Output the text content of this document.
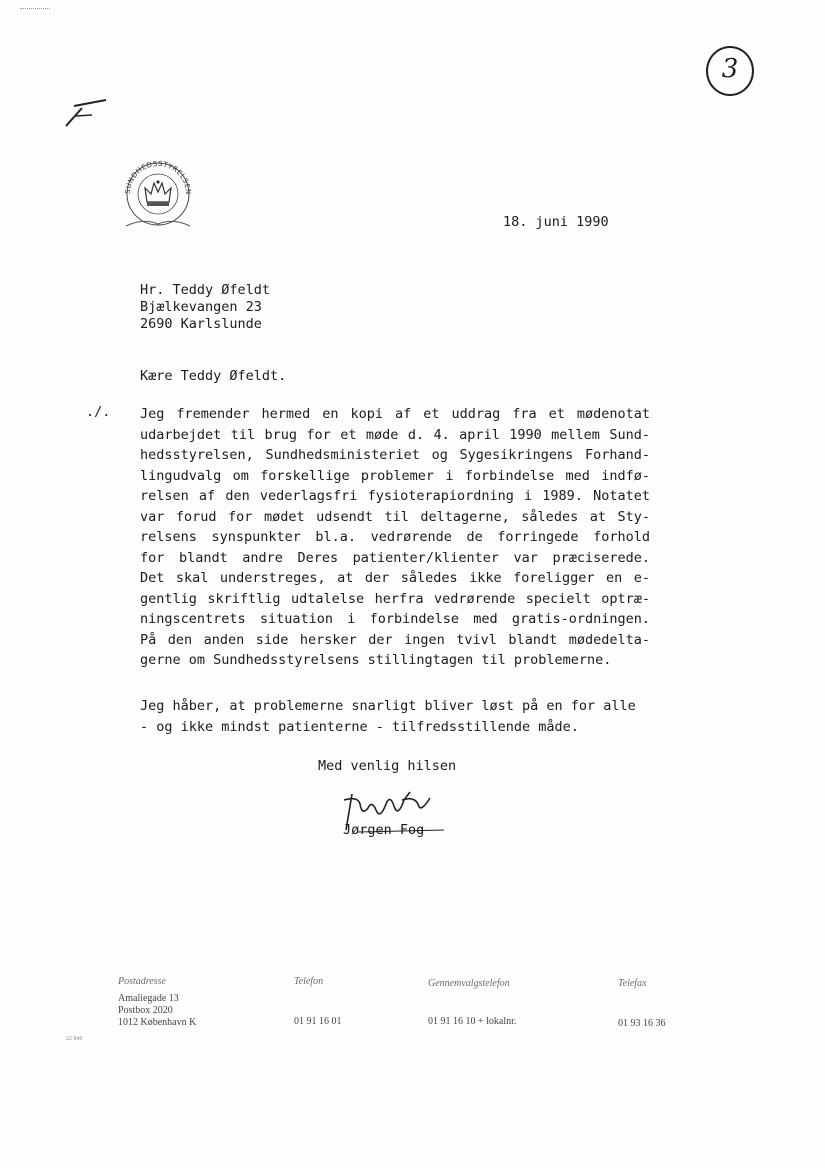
3
SUNDHEDSSTYRELSEN
18. juni 1990
Hr. Teddy Øfeldt
Bjælkevangen 23
2690 Karlslunde
Kære Teddy Øfeldt.
./. Jeg fremender hermed en kopi af et uddrag fra et mødenotat
udarbejdet til brug for et møde d. 4. april 1990 mellem Sund-
hedsstyrelsen, Sundhedsministeriet og Sygesikringens Forhand-
lingudvalg om forskellige problemer i forbindelse med indfø-
relsen af den vederlagsfri fysioterapiordning i 1989. Notatet
var forud for mødet udsendt til deltagerne, således at Sty-
relsens synspunkter bl.a. vedrørende de forringede forhold
for blandt andre Deres patienter/klienter var præciserede.
Det skal understreges, at der således ikke foreligger en e-
gentlig skriftlig udtalelse herfra vedrørende specielt optræ-
ningscentrets situation i forbindelse med gratis-ordningen.
På den anden side hersker der ingen tvivl blandt mødedelta-
gerne om Sundhedsstyrelsens stillingtagen til problemerne.
Jeg håber, at problemerne snarligt bliver løst på en for alle
- og ikke mindst patienterne - tilfredsstillende måde.
Med venlig hilsen
Jørgen Fog
Postadresse
Amaliegade 13
Postbox 2020
1012 København K
Telefon
01 91 16 01
Gennemvalgstelefon
01 91 16 10 + lokalnr.
Telefax
01 93 16 36
22 846
